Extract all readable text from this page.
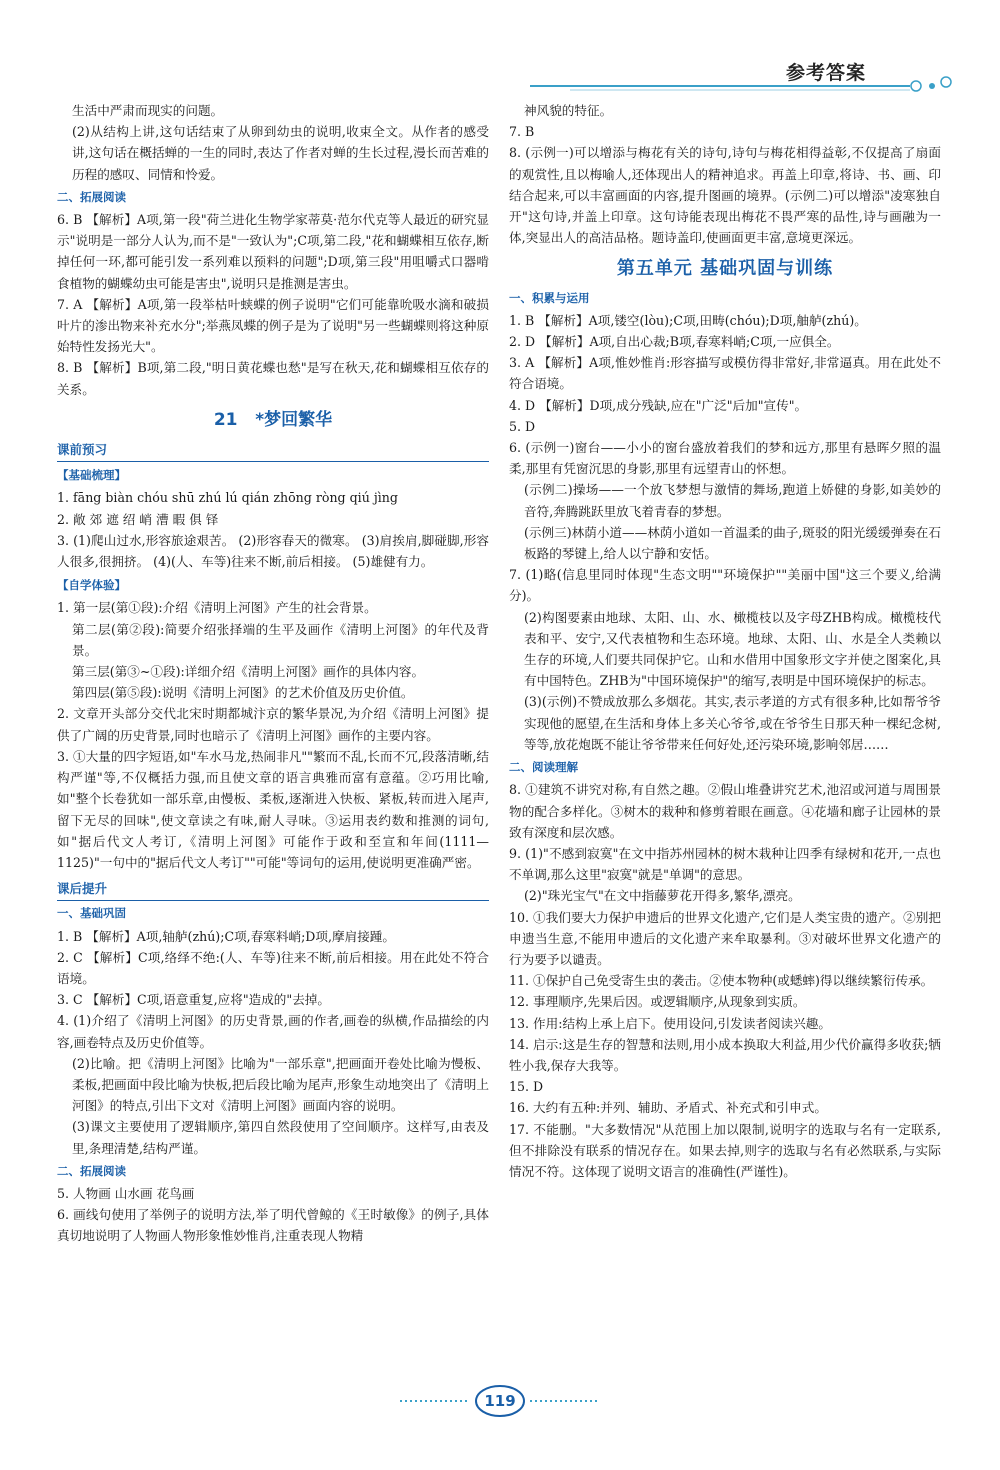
参考答案

生活中严肃而现实的问题。

(2)从结构上讲,这句话结束了从卵到幼虫的说明,收束全文。从作者的感受讲,这句话在概括蝉的一生的同时,表达了作者对蝉的生长过程,漫长而苦难的历程的感叹、同情和怜爱。

二、拓展阅读

6. B 【解析】A项,第一段"荷兰进化生物学家蒂莫·范尔代克等人最近的研究显示"说明是一部分人认为,而不是"一致认为";C项,第二段,"花和蝴蝶相互依存,断掉任何一环,都可能引发一系列难以预料的问题";D项,第三段"用咀嚼式口器啃食植物的蝴蝶幼虫可能是害虫",说明只是推测是害虫。

7. A 【解析】A项,第一段举枯叶蛱蝶的例子说明"它们可能靠吮吸水滴和破损叶片的渗出物来补充水分";举燕凤蝶的例子是为了说明"另一些蝴蝶则将这种原始特性发扬光大"。

8. B 【解析】B项,第二段,"明日黄花蝶也愁"是写在秋天,花和蝴蝶相互依存的关系。

21 *梦回繁华
课前预习
【基础梳理】

1. fāng biàn chóu shū zhú lú qián zhōng ròng qiú jìng

2. 敞 郊 遮 绍 峭 漕 暇 俱 铎

3. (1)爬山过水,形容旅途艰苦。 (2)形容春天的微寒。 (3)肩挨肩,脚碰脚,形容人很多,很拥挤。 (4)(人、车等)往来不断,前后相接。 (5)雄健有力。

【自学体验】

1. 第一层(第①段):介绍《清明上河图》产生的社会背景。

第二层(第②段):简要介绍张择端的生平及画作《清明上河图》的年代及背景。

第三层(第③~①段):详细介绍《清明上河图》画作的具体内容。

第四层(第⑤段):说明《清明上河图》的艺术价值及历史价值。

2. 文章开头部分交代北宋时期都城汴京的繁华景况,为介绍《清明上河图》提供了广阔的历史背景,同时也暗示了《清明上河图》画作的主要内容。

3. ①大量的四字短语,如"车水马龙,热闹非凡""繁而不乱,长而不冗,段落清晰,结构严谨"等,不仅概括力强,而且使文章的语言典雅而富有意蕴。②巧用比喻,如"整个长卷犹如一部乐章,由慢板、柔板,逐渐进入快板、紧板,转而进入尾声,留下无尽的回味",使文章读之有味,耐人寻味。③运用表约数和推测的词句,如"据后代文人考订,《清明上河图》可能作于政和至宣和年间(1111—1125)"一句中的"据后代文人考订""可能"等词句的运用,使说明更准确严密。

课后提升
一、基础巩固

1. B 【解析】A项,轴舻(zhú);C项,春寒料峭;D项,摩肩接踵。

2. C 【解析】C项,络绎不绝:(人、车等)往来不断,前后相接。用在此处不符合语境。

3. C 【解析】C项,语意重复,应将"造成的"去掉。

4. (1)介绍了《清明上河图》的历史背景,画的作者,画卷的纵横,作品描绘的内容,画卷特点及历史价值等。

(2)比喻。把《清明上河图》比喻为"一部乐章",把画面开卷处比喻为慢板、柔板,把画面中段比喻为快板,把后段比喻为尾声,形象生动地突出了《清明上河图》的特点,引出下文对《清明上河图》画面内容的说明。

(3)课文主要使用了逻辑顺序,第四自然段使用了空间顺序。这样写,由表及里,条理清楚,结构严谨。

二、拓展阅读

5. 人物画 山水画 花鸟画

6. 画线句使用了举例子的说明方法,举了明代曾鲸的《王时敏像》的例子,具体真切地说明了人物画人物形象惟妙惟肖,注重表现人物精

神风貌的特征。

7. B

8. (示例一)可以增添与梅花有关的诗句,诗句与梅花相得益彰,不仅提高了扇面的观赏性,且以梅喻人,还体现出人的精神追求。再盖上印章,将诗、书、画、印结合起来,可以丰富画面的内容,提升图画的境界。(示例二)可以增添"凌寒独自开"这句诗,并盖上印章。这句诗能表现出梅花不畏严寒的品性,诗与画融为一体,突显出人的高洁品格。题诗盖印,使画面更丰富,意境更深远。

第五单元 基础巩固与训练
一、积累与运用

1. B 【解析】A项,镂空(lòu);C项,田畴(chóu);D项,舳舻(zhú)。

2. D 【解析】A项,自出心裁;B项,春寒料峭;C项,一应俱全。

3. A 【解析】A项,惟妙惟肖:形容描写或模仿得非常好,非常逼真。用在此处不符合语境。

4. D 【解析】D项,成分残缺,应在"广泛"后加"宣传"。

5. D

6. (示例一)窗台——小小的窗台盛放着我们的梦和远方,那里有悬晖夕照的温柔,那里有凭窗沉思的身影,那里有远望青山的怀想。

(示例二)操场——一个放飞梦想与激情的舞场,跑道上娇健的身影,如美妙的音符,奔腾跳跃里放飞着青春的梦想。

(示例三)林荫小道——林荫小道如一首温柔的曲子,斑驳的阳光缓缓弹奏在石板路的琴键上,给人以宁静和安恬。

7. (1)略(信息里同时体现"生态文明""环境保护""美丽中国"这三个要义,给满分)。

(2)构图要素由地球、太阳、山、水、橄榄枝以及字母ZHB构成。橄榄枝代表和平、安宁,又代表植物和生态环境。地球、太阳、山、水是全人类赖以生存的环境,人们要共同保护它。山和水借用中国象形文字并使之图案化,具有中国特色。ZHB为"中国环境保护"的缩写,表明是中国环境保护的标志。

(3)(示例)不赞成放那么多烟花。其实,表示孝道的方式有很多种,比如帮爷爷实现他的愿望,在生活和身体上多关心爷爷,或在爷爷生日那天种一棵纪念树,等等,放花炮既不能让爷爷带来任何好处,还污染环境,影响邻居……

二、阅读理解

8. ①建筑不讲究对称,有自然之趣。②假山堆叠讲究艺术,池沼或河道与周围景物的配合多样化。③树木的栽种和修剪着眼在画意。④花墙和廊子让园林的景致有深度和层次感。

9. (1)"不感到寂寞"在文中指苏州园林的树木栽种让四季有绿树和花开,一点也不单调,那么这里"寂寞"就是"单调"的意思。

(2)"珠光宝气"在文中指藤萝花开得多,繁华,漂亮。

10. ①我们要大力保护申遗后的世界文化遗产,它们是人类宝贵的遗产。②别把申遗当生意,不能用申遗后的文化遗产来牟取暴利。③对破坏世界文化遗产的行为要予以谴责。

11. ①保护自己免受寄生虫的袭击。②使本物种(或蟋蟀)得以继续繁衍传承。

12. 事理顺序,先果后因。或逻辑顺序,从现象到实质。

13. 作用:结构上承上启下。使用设问,引发读者阅读兴趣。

14. 启示:这是生存的智慧和法则,用小成本换取大利益,用少代价赢得多收获;牺牲小我,保存大我等。

15. D

16. 大约有五种:并列、辅助、矛盾式、补充式和引申式。

17. 不能删。"大多数情况"从范围上加以限制,说明字的选取与名有一定联系,但不排除没有联系的情况存在。如果去掉,则字的选取与名有必然联系,与实际情况不符。这体现了说明文语言的准确性(严谨性)。

119
